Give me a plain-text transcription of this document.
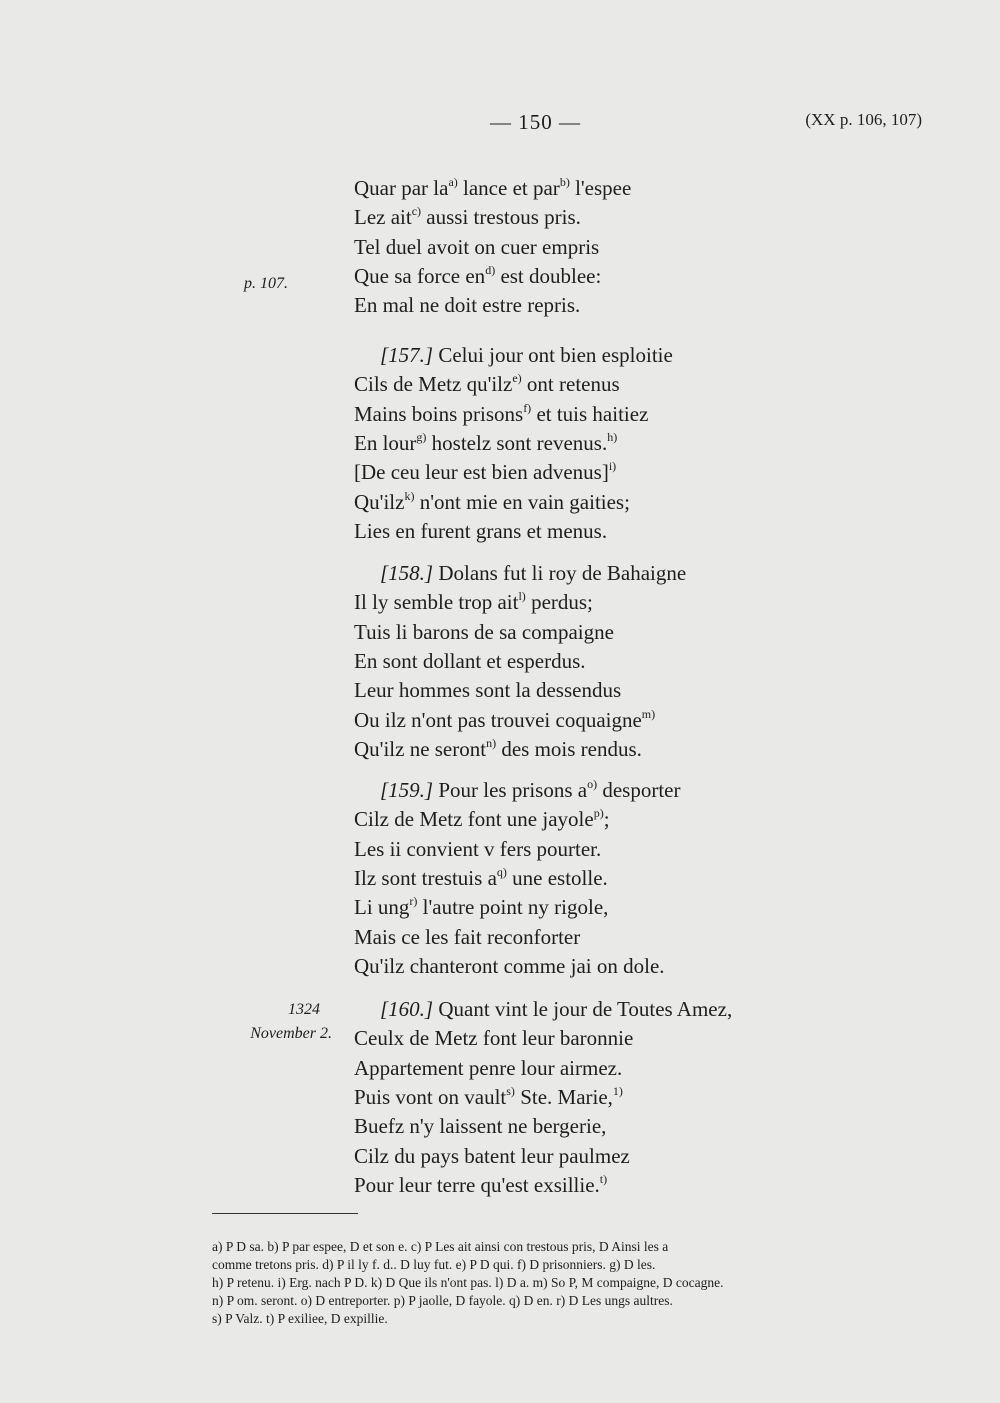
— 150 —	(XX p. 106, 107)
p. 107.
1324
November 2.
Quar par $la^{a)}$ lance et par$^{b)}$ l'espee
Lez ait$^{c)}$ aussi trestous pris.
Tel duel avoit on cuer empris
Que sa force $en^{d)}$ est doublee:
En mal ne doit estre repris.
[157.] Celui jour ont bien esploitie
Cils de Metz qu'ilz$^{e)}$ ont retenus
Mains boins prisons$^{f)}$ et tuis haitiez
En lour$^{g)}$ hostelz sont revenus.$^{h)}$
[De ceu leur est bien advenus]$^{i)}$
Qu'ilz$^{k)}$ n'ont mie en vain gaities;
Lies en furent grans et menus.
[158.] Dolans fut li roy de Bahaigne
Il ly semble trop ait$^{l)}$ perdus;
Tuis li barons de sa compaigne
En sont dollant et esperdus.
Leur hommes sont la dessendus
Ou ilz n'ont pas trouvei coquaigne$^{m)}$
Qu'ilz ne seront$^{n)}$ des mois rendus.
[159.] Pour les prisons $a^{o)}$ desporter
Cilz de Metz font une jayole$^{p)}$;
Les ii convient v fers pourter.
Ilz sont trestuis $a^{q)}$ une estolle.
Li ung$^{r)}$ l'autre point ny rigole,
Mais ce les fait reconforter
Qu'ilz chanteront comme jai on dole.
[160.] Quant vint le jour de Toutes Amez,
Ceulx de Metz font leur baronnie
Appartement penre lour airmez.
Puis vont on vault$^{s)}$ Ste. Marie,$^{1)}$
Buefz n'y laissent ne bergerie,
Cilz du pays batent leur paulmez
Pour leur terre qu'est exsillie.$^{t)}$
a) P D sa. b) P par espee, D et son e. c) P Les ait ainsi con trestous pris, D Ainsi les a
comme tretons pris. d) P il ly f. d.. D luy fut. e) P D qui. f) D prisonniers. g) D les.
h) P retenu. i) Erg. nach P D. k) D Que ils n'ont pas. l) D a. m) So P, M compaigne, D cocagne.
n) P om. seront. o) D entreporter. p) P jaolle, D fayole. q) D en. r) D Les ungs aultres.
s) P Valz. t) P exiliee, D expillie.
